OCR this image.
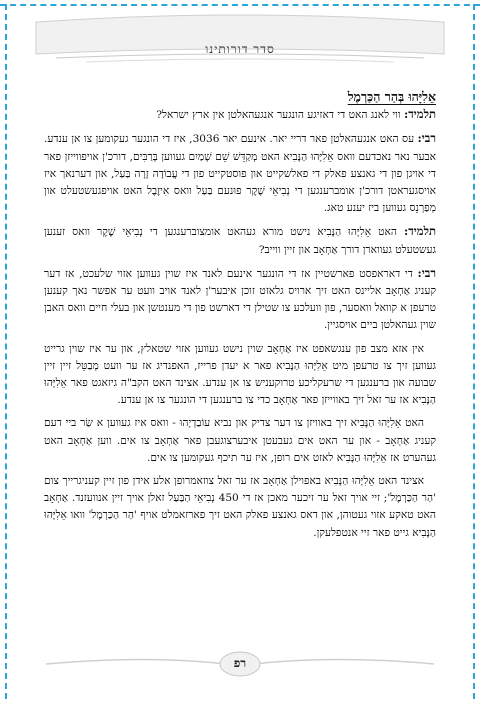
סדר דורותינו
אֵלִיָּהוּ בְּהַר הַכַּרְמֶל

תלמיד: ווי לאנג האט די דאזיגע הונגער אנגעהאלטן אין ארץ ישראל?

רבי: עס האט אנגעהאלטן פאר דריי יאר. אינעם יאר 3036, איז די הונגער געקומען צו אן ענדע. אבער נאר נאכדעם וואס אֵלִיָּהוּ הַנָּבִיא האט מְקַדֵּשׁ שֵׁם שָׁמַיִם געווען בָּרַבִּים, דורכ'ן אויפווייזן פאר די אויגן פון די גאנצע פאלק די פאלשקייט און פוסטקייט פון די עֲבוֹדָה זָרָה בַּעַל, און דערנאך איז אויסגעראטן דורכ'ן אומברענגען די נְבִיאֵי שֶׁקֶר פוּנעם בַּעַל וואס אִיזֶבֶל האט אויפגעשטעלט און מְפַרְנֵס געווען ביז יענע טאג.

תלמיד: האט אֵלִיָּהוּ הַנָּבִיא נישט מורא געהאט אומצוברענגען די נְבִיאֵי שֶׁקֶר וואס זענען געשטעלט געווארן דורך אַחְאָב און זיין ווייב?

רבי: די דאראפסט פארשטיין אז די הונגער אינעם לאנד איז שוין געווען אזוי שלעכט, אז דער קעניג אַחְאָב אליינס האט זיך ארויס גלאזט זוכן איבער'ן לאנד אויב וועט ער אפשר נאך קענען טרעפן א קוואל וואסער, פון וועלכע צו שטילן די דארשט פון די מענטשן און בעלי חיים וואס האבן שוין געהאלטן ביים אויסגיין.

אין אזא מצב פון ענגשאפט איז אַחְאָב שוין נישט געווען אזוי שטאלץ, און ער איז שוין גרייט געווען זיך צו טרעפן מיט אֵלִיָּהוּ הַנָּבִיא פאר א יעדן פרייז, האפנדיג אז ער וועט מְבַטֵּל זיין זיין שבועה און ברענגען די שרעקליכע טרוקעניש צו אן ענדע. אצינד האט הקב"ה גיזאגט פאר אֵלִיָּהוּ הַנָּבִיא אז ער זאל זיך באווייזן פאר אַחְאָב כדי צו ברענגען די הונגער צו אן ענדע.

האט אֵלִיָּהוּ הַנָּבִיא זיך באוויזן צו דער צדיק און נביא עוֹבַדְיָהוּ - וואס איז געווען א שַׂר ביי דעם קעניג אַחְאָב - און ער האט אים געבעטן איבערצוגעבן פאר אַחְאָב צו אים. ווען אַחְאָב האט געהערט אז אֵלִיָּהוּ הַנָּבִיא לאזט אים רופן, איז ער תיכף געקומען צו אים.

אצינד האט אֵלִיָּהוּ הַנָּבִיא באפוילן אַחְאָב אז ער זאל צוזאמרופן אלע אידן פון זיין קעניגרייך צום 'הַר הַכַּרְמֶל'; זיי אויך זאל ער זיכער מאכן אז די 450 נְבִיאֵי הַבַּעַל זאלן אויך זיין אנוועזנד. אַחְאָב האט טאקע אזוי געטוהן, און דאס גאנצע פאלק האט זיך פארזאמלט אויף 'הַר הַכַּרְמֶל' וואו אֵלִיָּהוּ הַנָּבִיא גייט פאר זיי אנטפלעקן.

רפ
